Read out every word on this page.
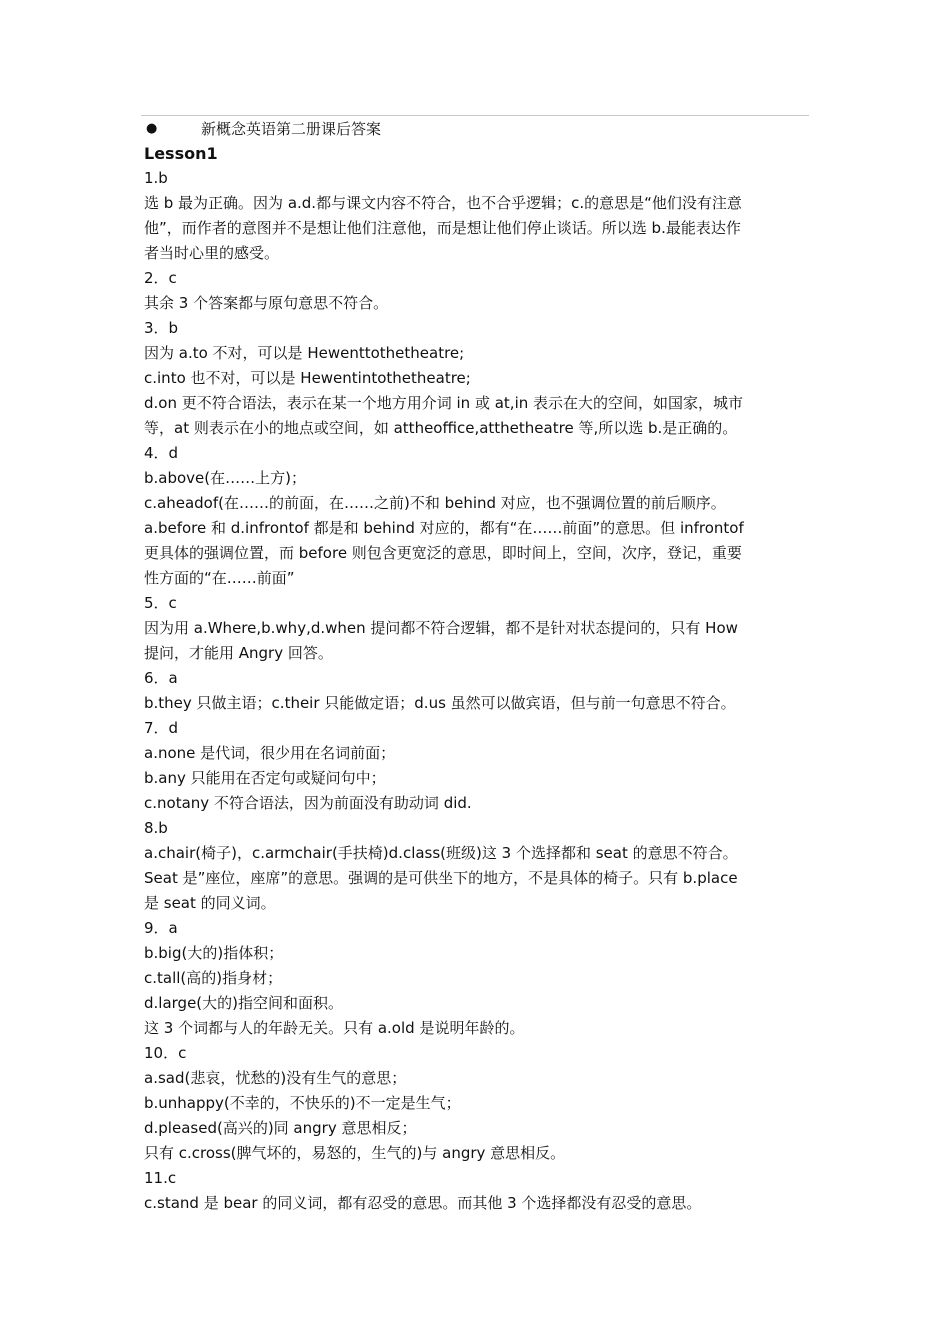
●	新概念英语第二册课后答案
Lesson1
1.b
选 b 最为正确。因为 a.d.都与课文内容不符合，也不合乎逻辑；c.的意思是“他们没有注意
他”，而作者的意图并不是想让他们注意他，而是想让他们停止谈话。所以选 b.最能表达作
者当时心里的感受。
2．c
其余 3 个答案都与原句意思不符合。
3．b
因为 a.to 不对，可以是 Hewenttothetheatre;
c.into 也不对，可以是 Hewentintothetheatre;
d.on 更不符合语法，表示在某一个地方用介词 in 或 at,in 表示在大的空间，如国家，城市
等，at 则表示在小的地点或空间，如 attheoffice,atthetheatre 等,所以选 b.是正确的。
4．d
b.above(在……上方)；
c.aheadof(在……的前面，在……之前)不和 behind 对应，也不强调位置的前后顺序。
a.before 和 d.infrontof 都是和 behind 对应的，都有“在……前面”的意思。但 infrontof
更具体的强调位置，而 before 则包含更宽泛的意思，即时间上，空间，次序，登记，重要
性方面的“在……前面”
5．c
因为用 a.Where,b.why,d.when 提问都不符合逻辑，都不是针对状态提问的，只有 How
提问，才能用 Angry 回答。
6．a
b.they 只做主语；c.their 只能做定语；d.us 虽然可以做宾语，但与前一句意思不符合。
7．d
a.none 是代词，很少用在名词前面；
b.any 只能用在否定句或疑问句中；
c.notany 不符合语法，因为前面没有助动词 did.
8.b
a.chair(椅子)，c.armchair(手扶椅)d.class(班级)这 3 个选择都和 seat 的意思不符合。
Seat 是”座位，座席”的意思。强调的是可供坐下的地方，不是具体的椅子。只有 b.place
是 seat 的同义词。
9．a
b.big(大的)指体积；
c.tall(高的)指身材；
d.large(大的)指空间和面积。
这 3 个词都与人的年龄无关。只有 a.old 是说明年龄的。
10．c
a.sad(悲哀，忧愁的)没有生气的意思；
b.unhappy(不幸的，不快乐的)不一定是生气；
d.pleased(高兴的)同 angry 意思相反；
只有 c.cross(脾气坏的，易怒的，生气的)与 angry 意思相反。
11.c
c.stand 是 bear 的同义词，都有忍受的意思。而其他 3 个选择都没有忍受的意思。
